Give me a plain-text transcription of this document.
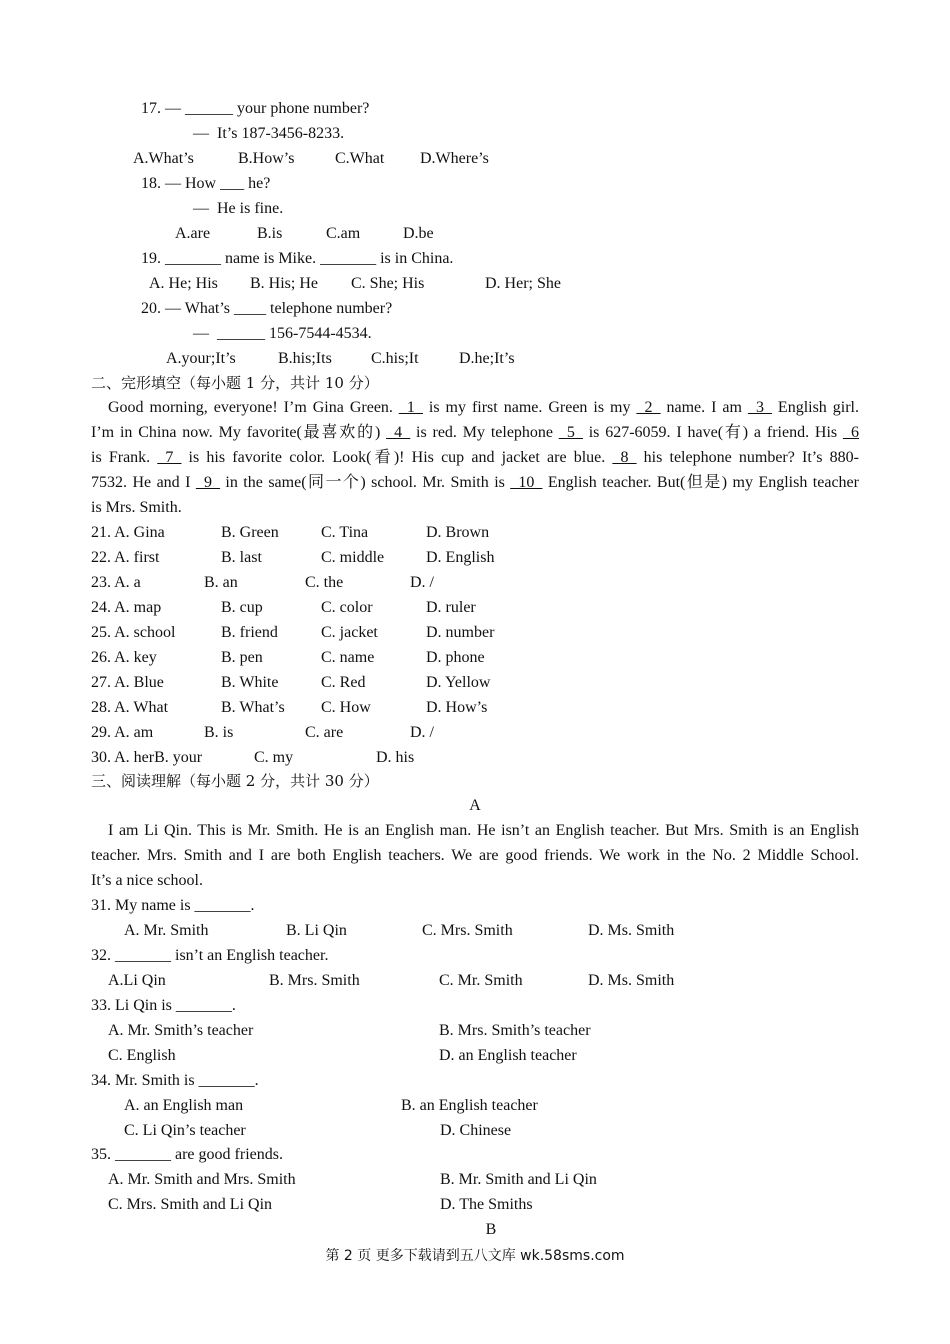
17. — ______ your phone number?
—  It’s 187-3456-8233.
A.What’s	B.How’s	C.What D.Where’s
18. — How ___ he?
—  He is fine.
A.are	B.is	C.am	D.be
19. _______ name is Mike. _______ is in China.
A. He; His B. His; He C. She; His	D. Her; She
20. — What’s ____ telephone number?
—  ______ 156-7544-4534.
A.your;It’s	B.his;Its C.his;It	D.he;It’s
二、完形填空（每小题 1 分，共计 10 分）
Good morning, everyone! I’m Gina Green. _1_ is my first name. Green is my _2_ name. I am _3_ English girl.
I’m in China now. My favorite(最喜欢的) _4_ is red. My telephone _5_ is 627-6059. I have(有) a friend. His _6
is Frank. _7_ is his favorite color. Look(看)! His cup and jacket are blue. _8_ his telephone number? It’s 880-
7532. He and I _9_ in the same(同一个) school. Mr. Smith is _10_ English teacher. But(但是) my English teacher
is Mrs. Smith.
21. A. Gina	B. Green	C. Tina	D. Brown
22. A. first	B. last	C. middle	D. English
23. A. a	B. an	C. the	D. /
24. A. map	B. cup	C. color	D. ruler
25. A. school	B. friend	C. jacket	D. number
26. A. key	B. pen	C. name	D. phone
27. A. Blue	B. White	C. Red	D. Yellow
28. A. What	B. What’s C. How	D. How’s
29. A. am	B. is	C. are	D. /
30. A. herB. your	C. my	D. his
三、阅读理解（每小题 2 分，共计 30 分）
A
I am Li Qin. This is Mr. Smith. He is an English man. He isn’t an English teacher. But Mrs. Smith is an English
teacher. Mrs. Smith and I are both English teachers. We are good friends. We work in the No. 2 Middle School.
It’s a nice school.
31. My name is _______.
A. Mr. Smith	B. Li Qin	C. Mrs. Smith	D. Ms. Smith
32. _______ isn’t an English teacher.
A.Li Qin	B. Mrs. Smith	C. Mr. Smith	D. Ms. Smith
33. Li Qin is _______.
A. Mr. Smith’s teacher	B. Mrs. Smith’s teacher
C. English	D. an English teacher
34. Mr. Smith is _______.
A. an English man	B. an English teacher
C. Li Qin’s teacher	D. Chinese
35. _______ are good friends.
A. Mr. Smith and Mrs. Smith	B. Mr. Smith and Li Qin
C. Mrs. Smith and Li Qin	D. The Smiths
B
第 2 页 更多下载请到五八文库 wk.58sms.com
